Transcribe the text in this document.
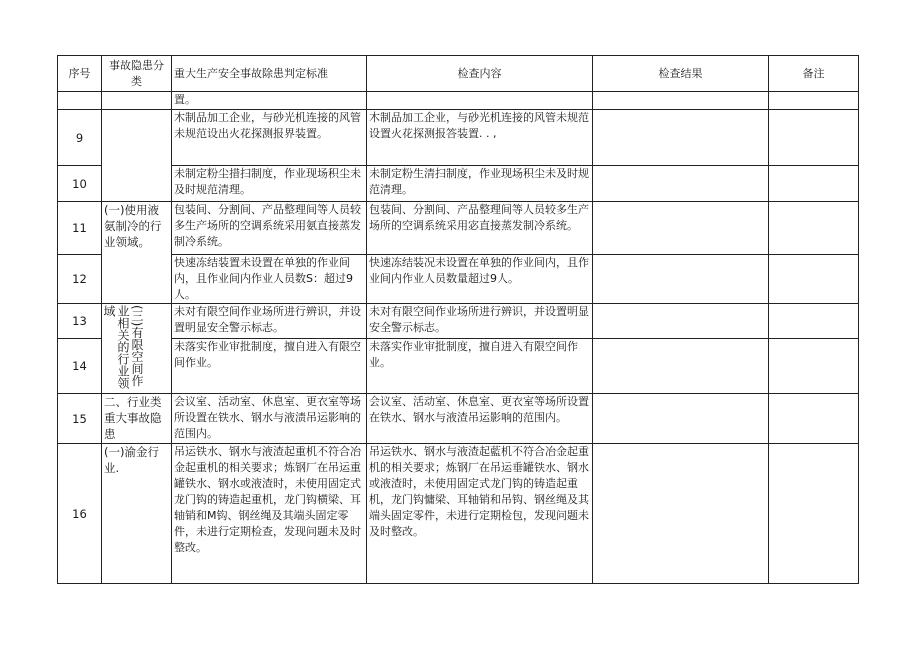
序号	事故隐患分类	重大生产安全事故除患判定标准	检查内容	检查结果	备注
		置。			
9		木制品加工企业，与砂光机连接的风管未规范设出火花探测报界装置。	木制品加工企业，与砂光机连接的风管未规范设置火花探测报答装置. . ,		
10		未制定粉尘措扫制度，作业现场积尘未及时规范清理。	未制定粉生清扫制度，作业现场积尘未及时规范清理。		
11	(一)使用液氨制冷的行业领域。	包装间、分割间、产品整理间等人员较多生产场所的空调系统采用氨直接蒸发制冷系统。	包装间、分割间、产品整理间等人员较多生产场所的空调系统采用宓直接蒸发制冷系统。		
12		快速冻结装置未设置在单独的作业间内，且作业间内作业人员数S：超过9人。	快速冻结装况未设置在单独的作业间内，且作业间内作业人员数量超过9人。		
13	(三)有限空间作业相关的行业领域	未对有限空间作业场所进行辨识，并设置明显安全警示标志。	未对有限空间作业场所进行辨识，并设置明显安全警示标志。		
14		未落实作业审批制度，擅自进入有限空间作业。	未落实作业审批制度，擅自进入有限空间作业。		
15	二、行业类重大事故隐患	会议室、活动室、休息室、更衣室等场所设置在铁水、钢水与液渍吊运影响的范围内。	会议室、活动室、休息室、更衣室等场所设置在铁水、钢水与液渣吊运影响的范围内。		
16	(一)渝金行业.	吊运铁水、钢水与液渣起重机不符合冶金起重机的相关要求；炼钢厂在吊运重罐铁水、钢水或液渣时，未使用固定式龙门钩的铸造起重机，龙门钩横梁、耳轴销和M钩、钢丝绳及其端头固定零件，未进行定期检查，发现问题未及时整改。	吊运铁水、钢水与液渣起藍机不符合冶金起重机的相关要求；炼钢厂在吊运垂罐铁水、钢水或液渣时，未使用固定式龙门钩的铸造起重机，龙门钩慵梁、耳轴销和吊钩、钢丝绳及其端头固定零件，未进行定期检包，发现问题未及时整改。		
